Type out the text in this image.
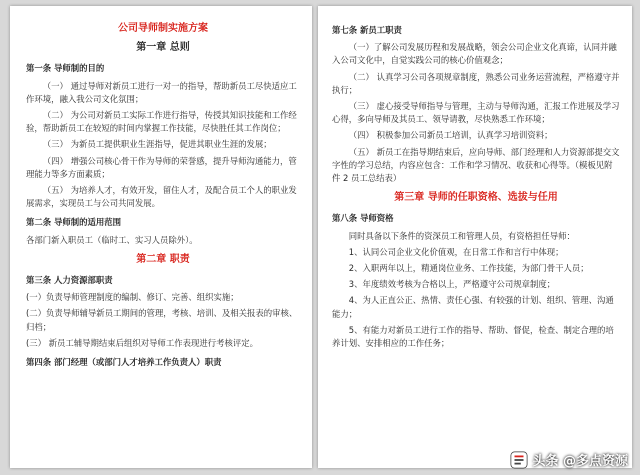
公司导师制实施方案
第一章 总则
第一条 导师制的目的
（一） 通过导师对新员工进行一对一的指导，帮助新员工尽快适应工作环境，融入我公司文化氛围；
（二） 为公司对新员工实际工作进行指导，传授其知识技能和工作经验，帮助新员工在较短的时间内掌握工作技能，尽快胜任其工作岗位；
（三） 为新员工提供职业生涯指导，促进其职业生涯的发展；
（四） 增强公司核心骨干作为导师的荣誉感，提升导师沟通能力，管理能力等多方面素质；
（五） 为培养人才，有效开发，留住人才，及配合员工个人的职业发展需求，实现员工与公司共同发展。
第二条 导师制的适用范围
各部门新入职员工（临时工、实习人员除外）。
第二章 职责
第三条 人力资源部职责
(一）负责导师管理制度的编制、修订、完善、组织实施；
(二）负责导师辅导新员工期间的管理，考核、培训、及相关报表的审核、归档；
(三） 新员工辅导期结束后组织对导师工作表现进行考核评定。
第四条 部门经理（或部门人才培养工作负责人）职责
第七条 新员工职责
（一）了解公司发展历程和发展战略，领会公司企业文化真谛，认同并融入公司文化中，自觉实践公司的核心价值观念；
（二） 认真学习公司各项规章制度，熟悉公司业务运营流程，严格遵守并执行；
（三） 虚心接受导师指导与管理，主动与导师沟通，汇报工作进展及学习心得，多向导师及其员工、领导请教，尽快熟悉工作环境；
（四） 积极参加公司新员工培训，认真学习培训资料；
（五） 新员工在指导期结束后，应向导师、部门经理和人力资源部提交文字性的学习总结，内容应包含：工作和学习情况、收获和心得等。（模板见附件 2 员工总结表）
第三章 导师的任职资格、选拔与任用
第八条 导师资格
同时具备以下条件的资深员工和管理人员，有资格担任导师：
1、认同公司企业文化价值观，在日常工作和言行中体现；
2、入职两年以上，精通岗位业务、工作技能，为部门骨干人员；
3、年度绩效考核为合格以上，严格遵守公司规章制度；
4、为人正直公正、热情、责任心强、有较强的计划、组织、管理、沟通能力；
5、有能力对新员工进行工作的指导、帮助、督促，检查、制定合理的培养计划、安排相应的工作任务；
头条 @多点资源
